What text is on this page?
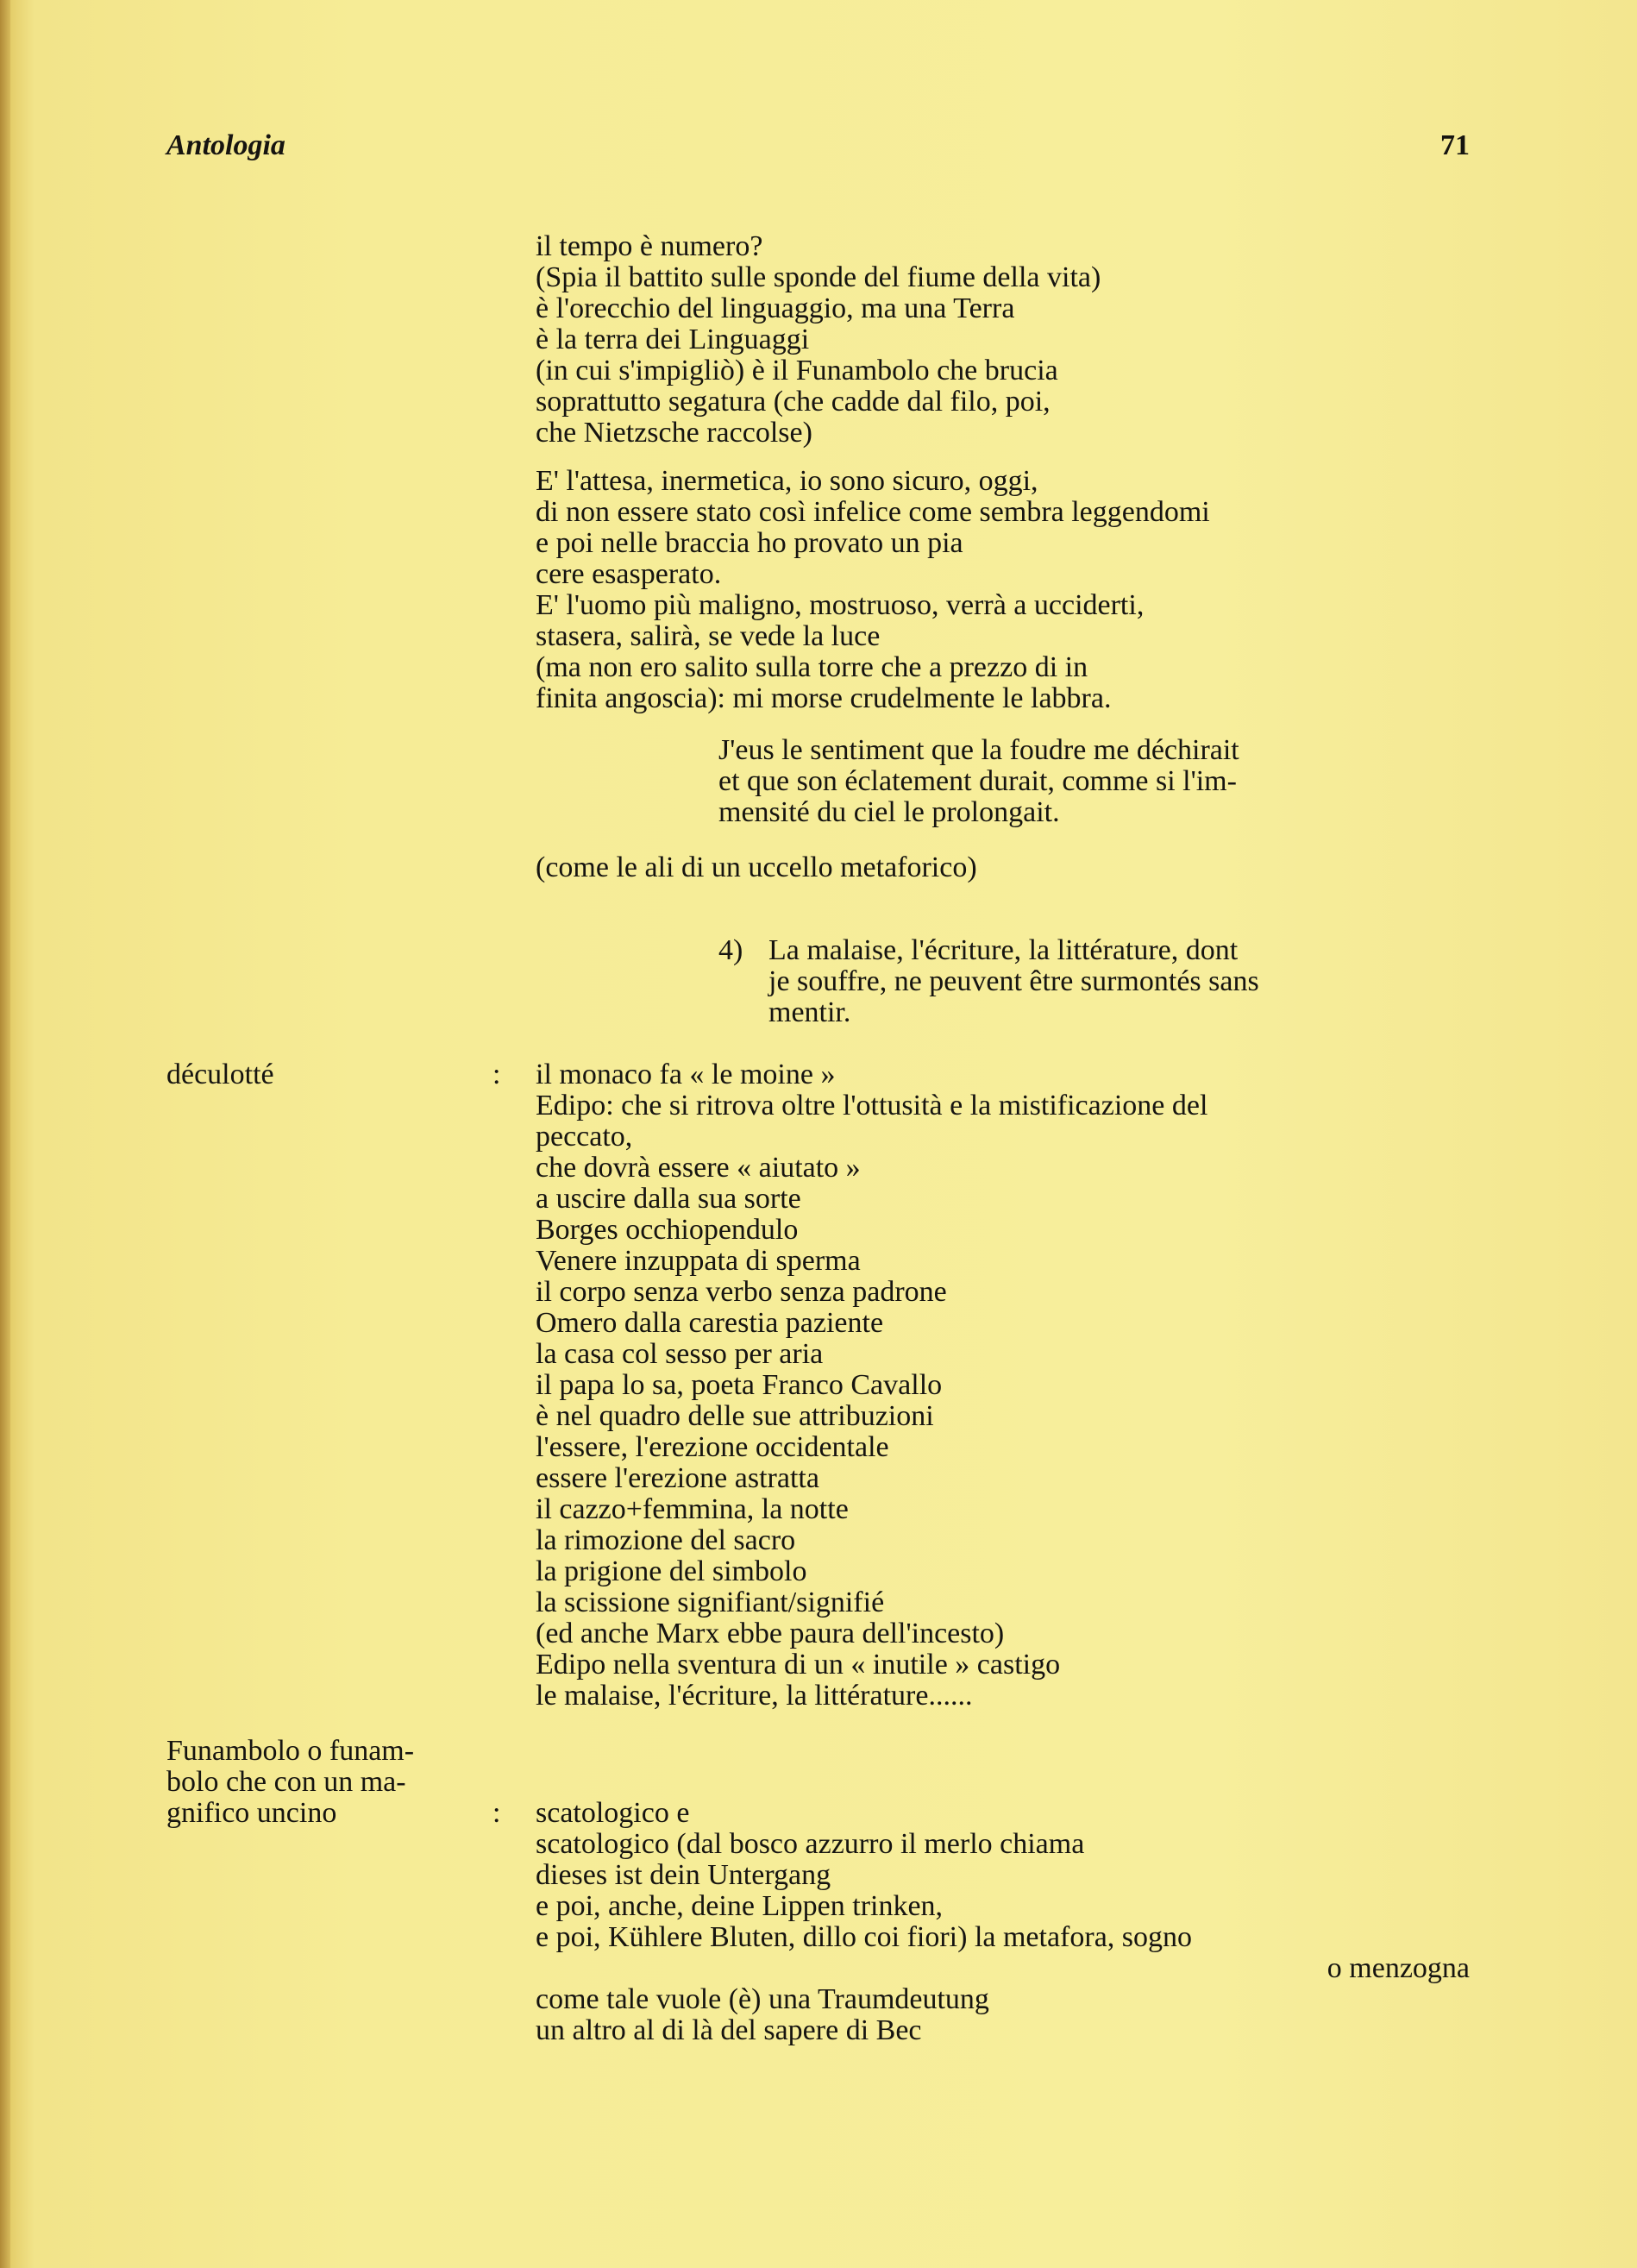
Antologia	71
il tempo è numero?
(Spia il battito sulle sponde del fiume della vita)
è l'orecchio del linguaggio, ma una Terra
è la terra dei Linguaggi
(in cui s'impigliò) è il Funambolo che brucia
soprattutto segatura (che cadde dal filo, poi,
che Nietzsche raccolse)
E' l'attesa, inermetica, io sono sicuro, oggi,
di non essere stato così infelice come sembra leggendomi
e poi nelle braccia ho provato un pia
cere esasperato.
E' l'uomo più maligno, mostruoso, verrà a ucciderti,
stasera, salirà, se vede la luce
(ma non ero salito sulla torre che a prezzo di in
finita angoscia): mi morse crudelmente le labbra.
J'eus le sentiment que la foudre me déchirait
et que son éclatement durait, comme si l'im-
mensité du ciel le prolongait.
(come le ali di un uccello metaforico)
4) La malaise, l'écriture, la littérature, dont
je souffre, ne peuvent être surmontés sans
mentir.
déculotté	: il monaco fa « le moine »
Edipo: che si ritrova oltre l'ottusità e la mistificazione del
peccato,
che dovrà essere « aiutato »
a uscire dalla sua sorte
Borges occhiopendulo
Venere inzuppata di sperma
il corpo senza verbo senza padrone
Omero dalla carestia paziente
la casa col sesso per aria
il papa lo sa, poeta Franco Cavallo
è nel quadro delle sue attribuzioni
l'essere, l'erezione occidentale
essere l'erezione astratta
il cazzo+femmina, la notte
la rimozione del sacro
la prigione del simbolo
la scissione signifiant/signifié
(ed anche Marx ebbe paura dell'incesto)
Edipo nella sventura di un « inutile » castigo
le malaise, l'écriture, la littérature......
Funambolo o funam-
bolo che con un ma-
gnifico uncino	: scatologico e
scatologico (dal bosco azzurro il merlo chiama
dieses ist dein Untergang
e poi, anche, deine Lippen trinken,
e poi, Kühlere Bluten, dillo coi fiori) la metafora, sogno
o menzogna
come tale vuole (è) una Traumdeutung
un altro al di là del sapere di Bec
